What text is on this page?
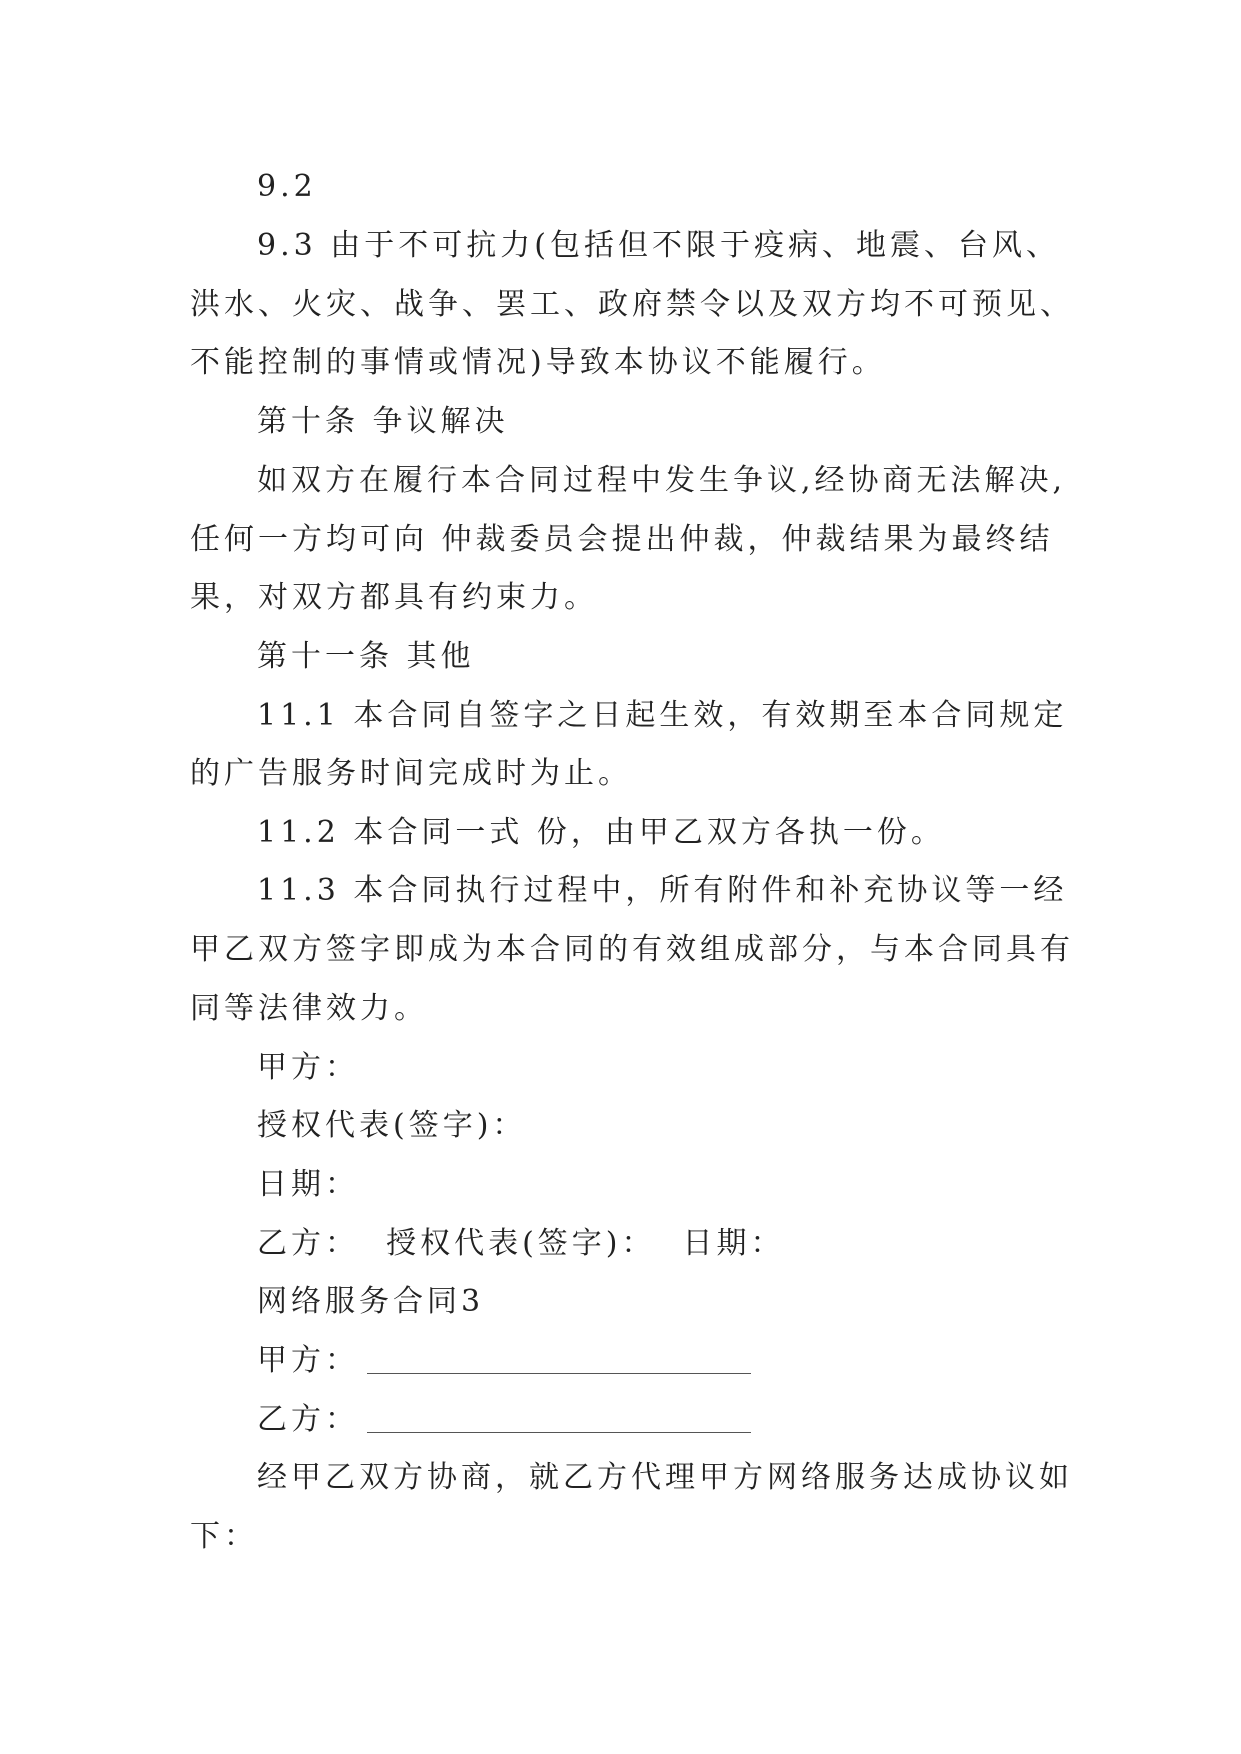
9.2
9.3 由于不可抗力(包括但不限于疫病、地震、台风、
洪水、火灾、战争、罢工、政府禁令以及双方均不可预见、
不能控制的事情或情况)导致本协议不能履行。
第十条 争议解决
如双方在履行本合同过程中发生争议,经协商无法解决,
任何一方均可向 仲裁委员会提出仲裁，仲裁结果为最终结
果，对双方都具有约束力。
第十一条 其他
11.1 本合同自签字之日起生效，有效期至本合同规定
的广告服务时间完成时为止。
11.2 本合同一式 份，由甲乙双方各执一份。
11.3 本合同执行过程中，所有附件和补充协议等一经
甲乙双方签字即成为本合同的有效组成部分，与本合同具有
同等法律效力。
甲方：
授权代表(签字)：
日期：
乙方：  授权代表(签字)：  日期：
网络服务合同3
甲方：
乙方：
经甲乙双方协商，就乙方代理甲方网络服务达成协议如
下：
